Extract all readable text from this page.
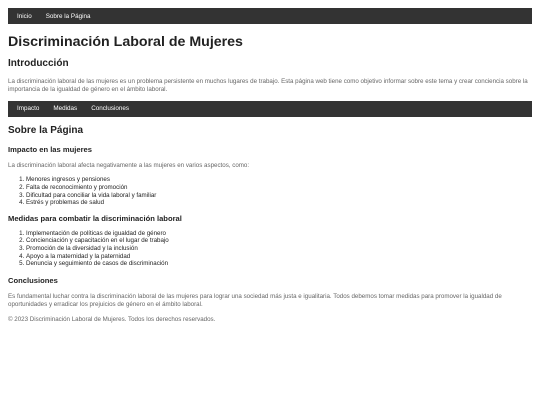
Inicio Sobre la Página
Discriminación Laboral de Mujeres
Introducción

La discriminación laboral de las mujeres es un problema persistente en muchos lugares de trabajo. Esta página web tiene como objetivo informar sobre este tema y crear conciencia sobre la importancia de la igualdad de género en el ámbito laboral.

Impacto Medidas Conclusiones
Sobre la Página
Impacto en las mujeres

La discriminación laboral afecta negativamente a las mujeres en varios aspectos, como:

1. Menores ingresos y pensiones
2. Falta de reconocimiento y promoción
3. Dificultad para conciliar la vida laboral y familiar
4. Estrés y problemas de salud
Medidas para combatir la discriminación laboral
1. Implementación de políticas de igualdad de género
2. Concienciación y capacitación en el lugar de trabajo
3. Promoción de la diversidad y la inclusión
4. Apoyo a la maternidad y la paternidad
5. Denuncia y seguimiento de casos de discriminación
Conclusiones

Es fundamental luchar contra la discriminación laboral de las mujeres para lograr una sociedad más justa e igualitaria. Todos debemos tomar medidas para promover la igualdad de oportunidades y erradicar los prejuicios de género en el ámbito laboral.

© 2023 Discriminación Laboral de Mujeres. Todos los derechos reservados.
